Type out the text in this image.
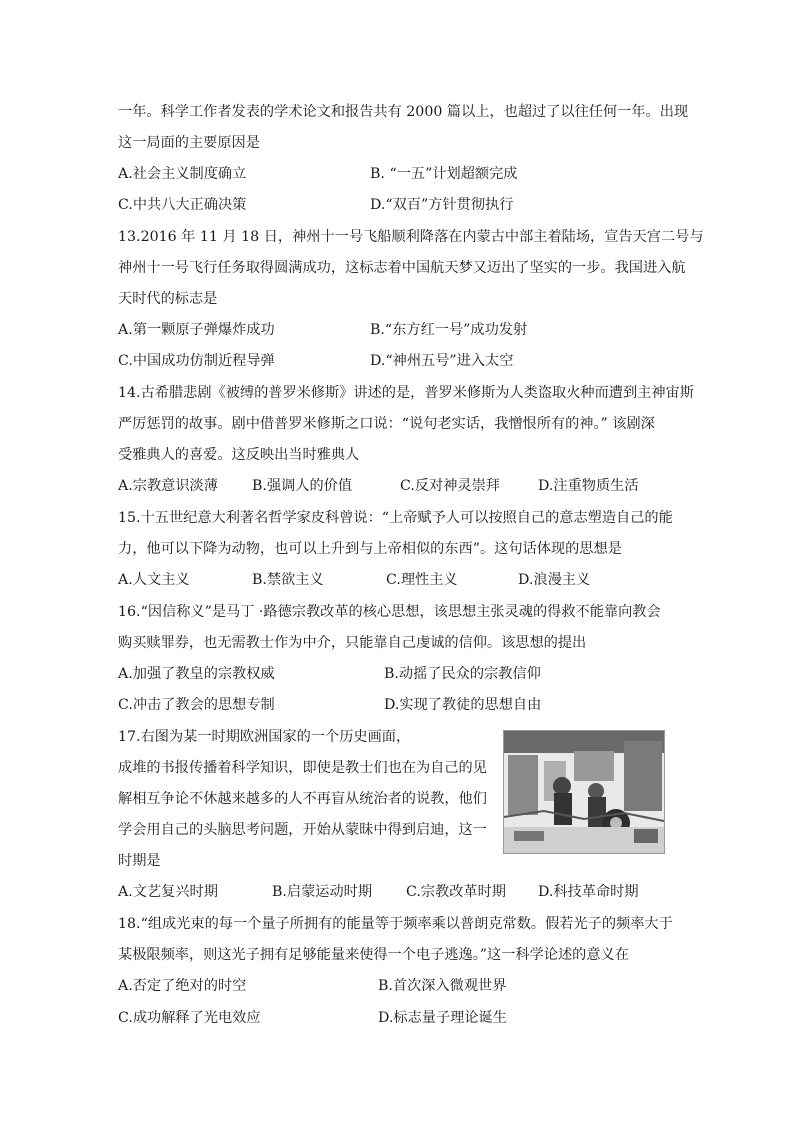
一年。科学工作者发表的学术论文和报告共有 2000 篇以上，也超过了以往任何一年。出现
这一局面的主要原因是
A.社会主义制度确立	B. “一五”计划超额完成
C.中共八大正确决策	D.“双百”方针贯彻执行
13.2016 年 11 月 18 日，神州十一号飞船顺利降落在内蒙古中部主着陆场，宣告天宫二号与
神州十一号飞行任务取得圆满成功，这标志着中国航天梦又迈出了坚实的一步。我国进入航
天时代的标志是
A.第一颗原子弹爆炸成功	B.“东方红一号”成功发射
C.中国成功仿制近程导弹	D.“神州五号”进入太空
14.古希腊悲剧《被缚的普罗米修斯》讲述的是，普罗米修斯为人类盗取火种而遭到主神宙斯
严厉惩罚的故事。剧中借普罗米修斯之口说：“说句老实话，我憎恨所有的神。” 该剧深
受雅典人的喜爱。这反映出当时雅典人
A.宗教意识淡薄 B.强调人的价值	C.反对神灵崇拜	D.注重物质生活
15.十五世纪意大利著名哲学家皮科曾说：“上帝赋予人可以按照自己的意志塑造自己的能
力，他可以下降为动物，也可以上升到与上帝相似的东西”。这句话体现的思想是
A.人文主义	B.禁欲主义	C.理性主义	D.浪漫主义
16.“因信称义”是马丁 ·路德宗教改革的核心思想，该思想主张灵魂的得救不能靠向教会
购买赎罪券，也无需教士作为中介，只能靠自己虔诚的信仰。该思想的提出
A.加强了教皇的宗教权威	B.动摇了民众的宗教信仰
C.冲击了教会的思想专制	D.实现了教徒的思想自由
17.右图为某一时期欧洲国家的一个历史画面，
成堆的书报传播着科学知识，即使是教士们也在为自己的见
解相互争论不休越来越多的人不再盲从统治者的说教，他们
学会用自己的头脑思考问题，开始从蒙昧中得到启迪，这一
时期是
A.文艺复兴时期	B.启蒙运动时期 C.宗教改革时期 D.科技革命时期
18.“组成光束的每一个量子所拥有的能量等于频率乘以普朗克常数。假若光子的频率大于
某极限频率，则这光子拥有足够能量来使得一个电子逃逸。”这一科学论述的意义在
A.否定了绝对的时空	B.首次深入微观世界
C.成功解释了光电效应	D.标志量子理论诞生
